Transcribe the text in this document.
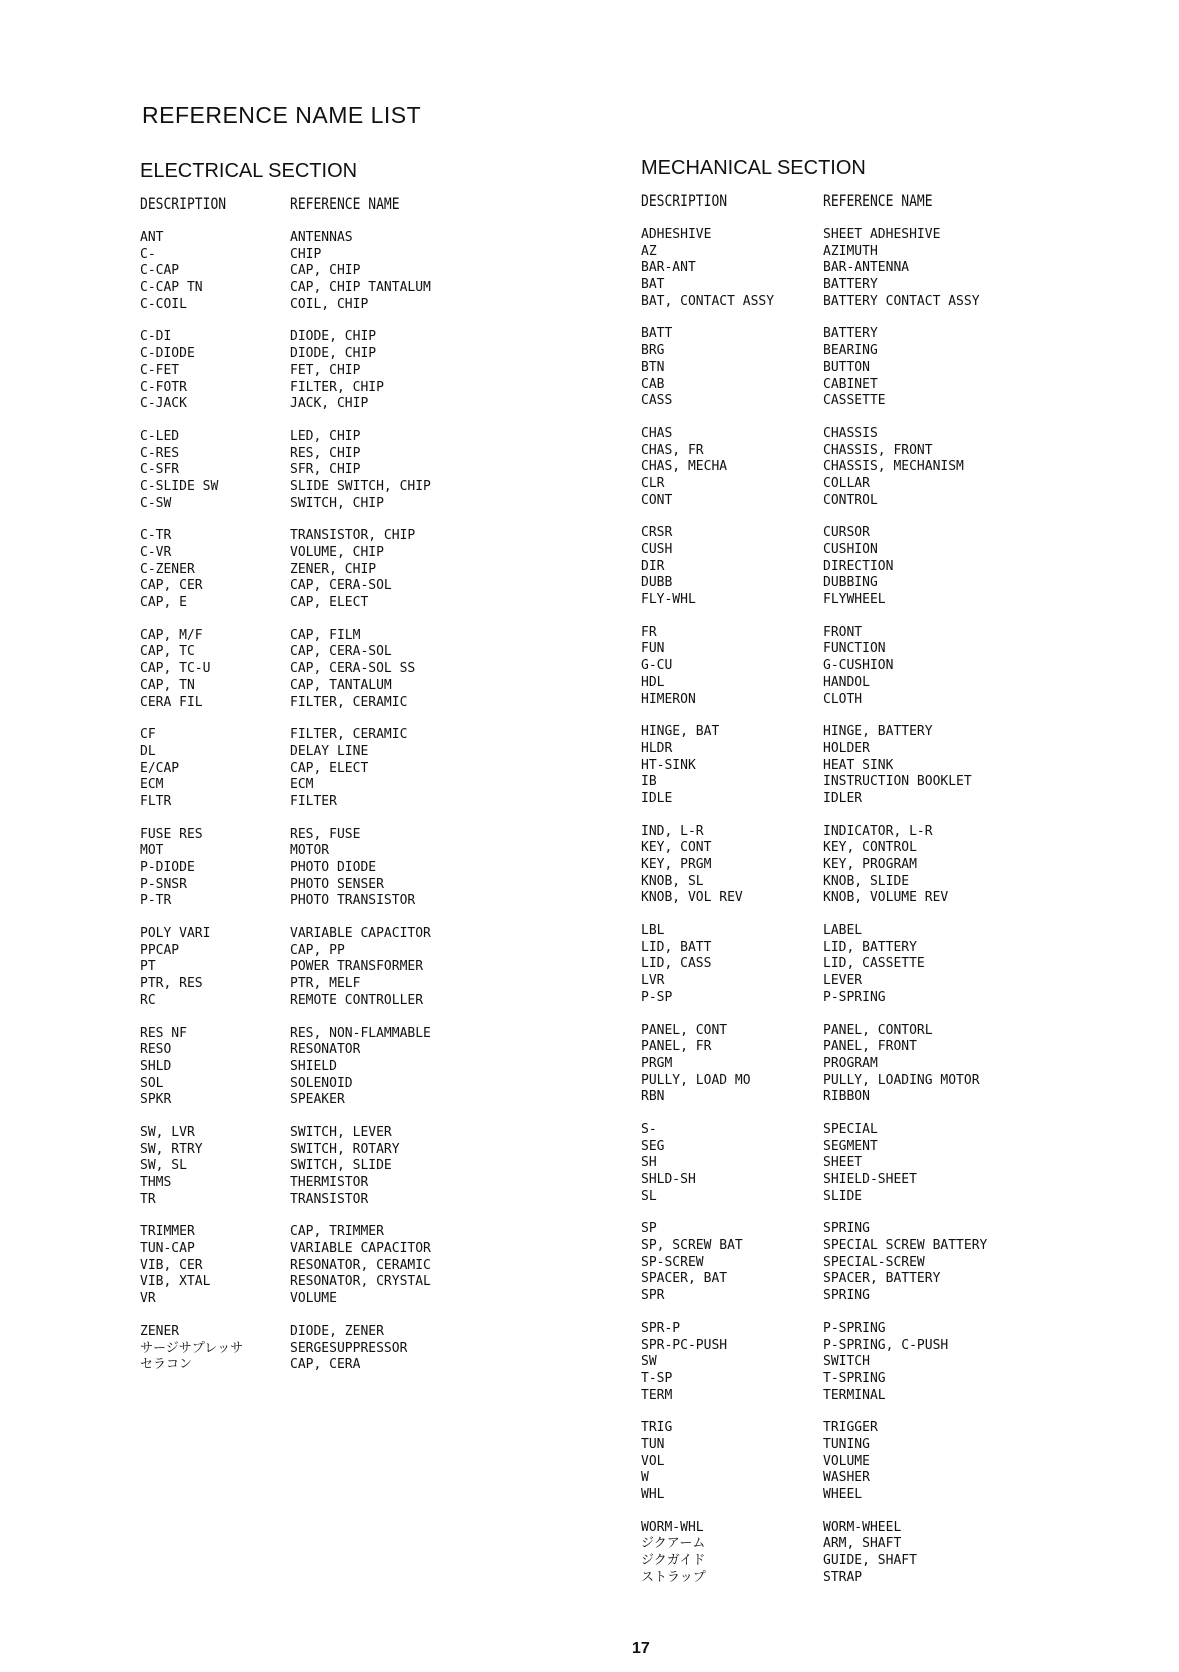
REFERENCE NAME LIST
ELECTRICAL SECTION
DESCRIPTION	REFERENCE NAME
ANT	ANTENNAS
C-	CHIP
C-CAP	CAP, CHIP
C-CAP TN	CAP, CHIP TANTALUM
C-COIL	COIL, CHIP
C-DI	DIODE, CHIP
C-DIODE	DIODE, CHIP
C-FET	FET, CHIP
C-FOTR	FILTER, CHIP
C-JACK	JACK, CHIP
C-LED	LED, CHIP
C-RES	RES, CHIP
C-SFR	SFR, CHIP
C-SLIDE SW	SLIDE SWITCH, CHIP
C-SW	SWITCH, CHIP
C-TR	TRANSISTOR, CHIP
C-VR	VOLUME, CHIP
C-ZENER	ZENER, CHIP
CAP, CER	CAP, CERA-SOL
CAP, E	CAP, ELECT
CAP, M/F	CAP, FILM
CAP, TC	CAP, CERA-SOL
CAP, TC-U	CAP, CERA-SOL SS
CAP, TN	CAP, TANTALUM
CERA FIL	FILTER, CERAMIC
CF	FILTER, CERAMIC
DL	DELAY LINE
E/CAP	CAP, ELECT
ECM	ECM
FLTR	FILTER
FUSE RES	RES, FUSE
MOT	MOTOR
P-DIODE	PHOTO DIODE
P-SNSR	PHOTO SENSER
P-TR	PHOTO TRANSISTOR
POLY VARI	VARIABLE CAPACITOR
PPCAP	CAP, PP
PT	POWER TRANSFORMER
PTR, RES	PTR, MELF
RC	REMOTE CONTROLLER
RES NF	RES, NON-FLAMMABLE
RESO	RESONATOR
SHLD	SHIELD
SOL	SOLENOID
SPKR	SPEAKER
SW, LVR	SWITCH, LEVER
SW, RTRY	SWITCH, ROTARY
SW, SL	SWITCH, SLIDE
THMS	THERMISTOR
TR	TRANSISTOR
TRIMMER	CAP, TRIMMER
TUN-CAP	VARIABLE CAPACITOR
VIB, CER	RESONATOR, CERAMIC
VIB, XTAL	RESONATOR, CRYSTAL
VR	VOLUME
ZENER	DIODE, ZENER
サージサプレッサ	SERGESUPPRESSOR
セラコン	CAP, CERA
MECHANICAL SECTION
DESCRIPTION	REFERENCE NAME
ADHESHIVE	SHEET ADHESHIVE
AZ	AZIMUTH
BAR-ANT	BAR-ANTENNA
BAT	BATTERY
BAT, CONTACT ASSY	BATTERY CONTACT ASSY
BATT	BATTERY
BRG	BEARING
BTN	BUTTON
CAB	CABINET
CASS	CASSETTE
CHAS	CHASSIS
CHAS, FR	CHASSIS, FRONT
CHAS, MECHA	CHASSIS, MECHANISM
CLR	COLLAR
CONT	CONTROL
CRSR	CURSOR
CUSH	CUSHION
DIR	DIRECTION
DUBB	DUBBING
FLY-WHL	FLYWHEEL
FR	FRONT
FUN	FUNCTION
G-CU	G-CUSHION
HDL	HANDOL
HIMERON	CLOTH
HINGE, BAT	HINGE, BATTERY
HLDR	HOLDER
HT-SINK	HEAT SINK
IB	INSTRUCTION BOOKLET
IDLE	IDLER
IND, L-R	INDICATOR, L-R
KEY, CONT	KEY, CONTROL
KEY, PRGM	KEY, PROGRAM
KNOB, SL	KNOB, SLIDE
KNOB, VOL REV	KNOB, VOLUME REV
LBL	LABEL
LID, BATT	LID, BATTERY
LID, CASS	LID, CASSETTE
LVR	LEVER
P-SP	P-SPRING
PANEL, CONT	PANEL, CONTORL
PANEL, FR	PANEL, FRONT
PRGM	PROGRAM
PULLY, LOAD MO	PULLY, LOADING MOTOR
RBN	RIBBON
S-	SPECIAL
SEG	SEGMENT
SH	SHEET
SHLD-SH	SHIELD-SHEET
SL	SLIDE
SP	SPRING
SP, SCREW BAT	SPECIAL SCREW BATTERY
SP-SCREW	SPECIAL-SCREW
SPACER, BAT	SPACER, BATTERY
SPR	SPRING
SPR-P	P-SPRING
SPR-PC-PUSH	P-SPRING, C-PUSH
SW	SWITCH
T-SP	T-SPRING
TERM	TERMINAL
TRIG	TRIGGER
TUN	TUNING
VOL	VOLUME
W	WASHER
WHL	WHEEL
WORM-WHL	WORM-WHEEL
ジクアーム	ARM, SHAFT
ジクガイド	GUIDE, SHAFT
ストラップ	STRAP
17
